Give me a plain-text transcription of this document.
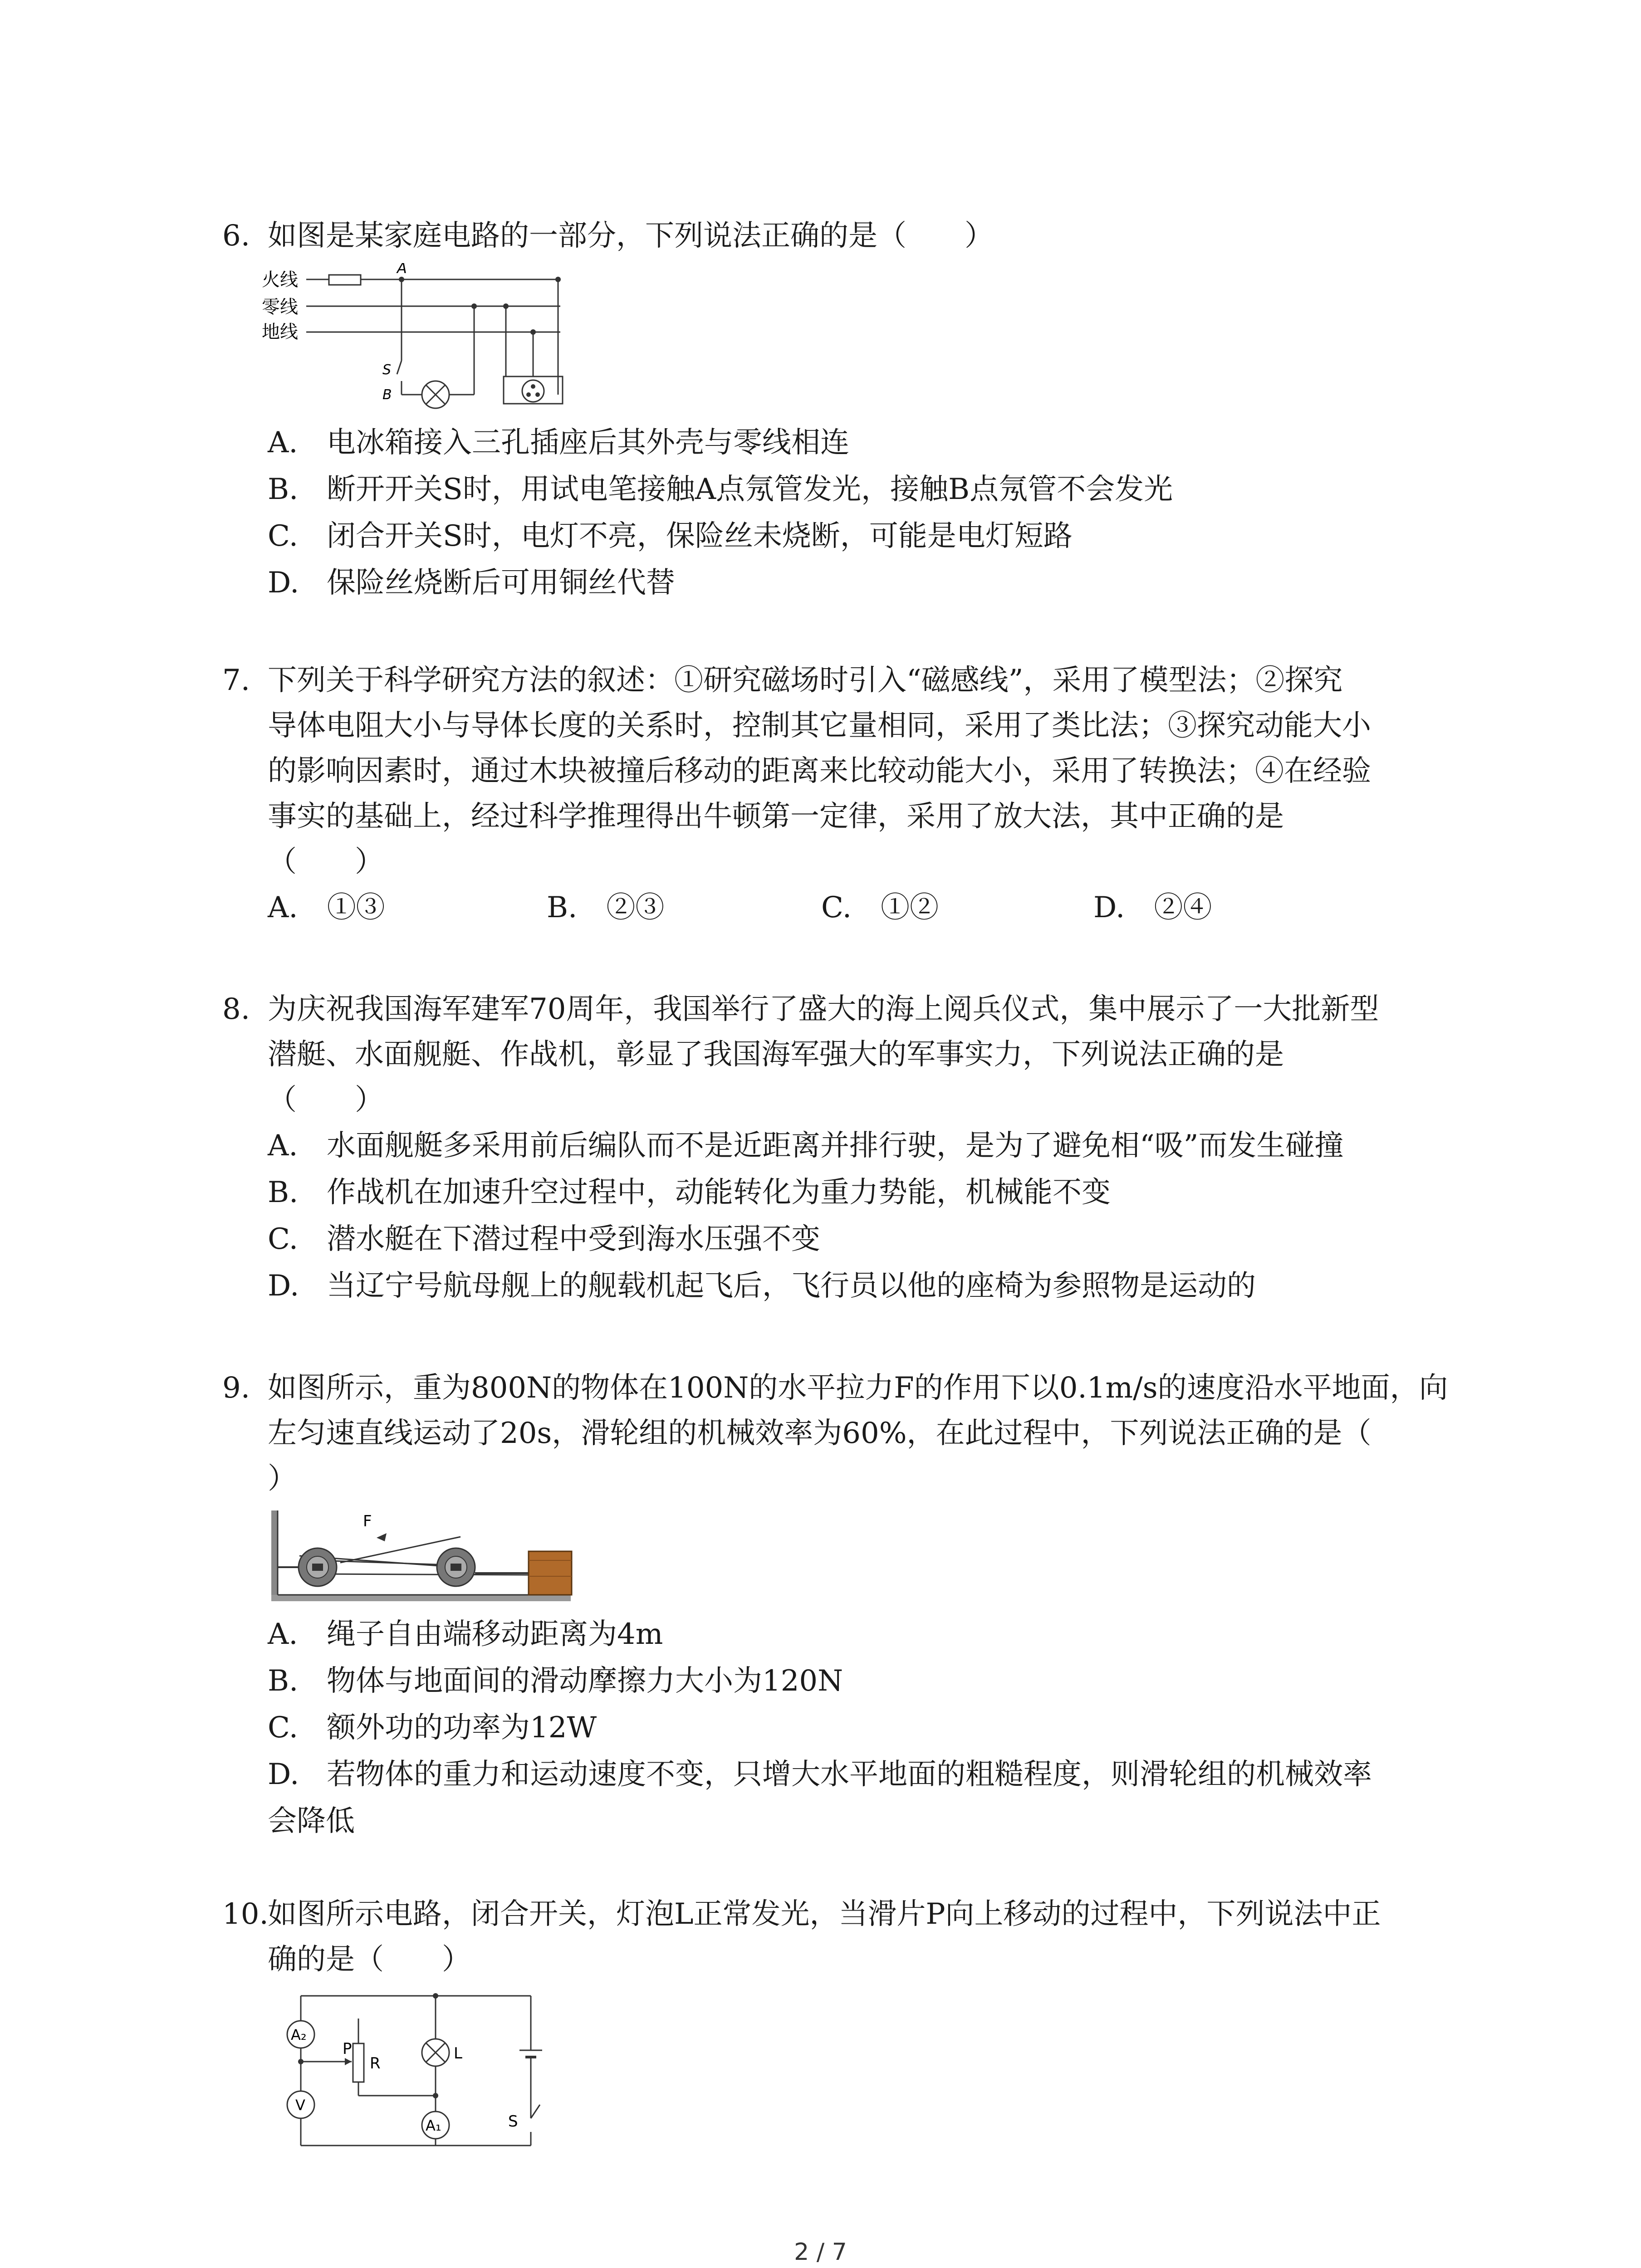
6. 如图是某家庭电路的一部分，下列说法正确的是（　　）
火线
零线
地线
A
S
B
A. 电冰箱接入三孔插座后其外壳与零线相连
B. 断开开关S时，用试电笔接触A点氖管发光，接触B点氖管不会发光
C. 闭合开关S时，电灯不亮，保险丝未烧断，可能是电灯短路
D. 保险丝烧断后可用铜丝代替
7. 下列关于科学研究方法的叙述：①研究磁场时引入“磁感线”，采用了模型法；②探究
导体电阻大小与导体长度的关系时，控制其它量相同，采用了类比法；③探究动能大小
的影响因素时，通过木块被撞后移动的距离来比较动能大小，采用了转换法；④在经验
事实的基础上，经过科学推理得出牛顿第一定律，采用了放大法，其中正确的是
（　　）
A.　 ①③	B.　 ②③	C.　 ①②	D.　 ②④
8. 为庆祝我国海军建军70周年，我国举行了盛大的海上阅兵仪式，集中展示了一大批新型
潜艇、水面舰艇、作战机，彰显了我国海军强大的军事实力，下列说法正确的是
（　　）
A. 水面舰艇多采用前后编队而不是近距离并排行驶，是为了避免相“吸”而发生碰撞
B. 作战机在加速升空过程中，动能转化为重力势能，机械能不变
C. 潜水艇在下潜过程中受到海水压强不变
D. 当辽宁号航母舰上的舰载机起飞后，飞行员以他的座椅为参照物是运动的
9. 如图所示，重为800N的物体在100N的水平拉力F的作用下以0.1m/s的速度沿水平地面，向
左匀速直线运动了20s，滑轮组的机械效率为60%，在此过程中，下列说法正确的是（
）
F
A. 绳子自由端移动距离为4m
B. 物体与地面间的滑动摩擦力大小为120N
C. 额外功的功率为12W
D. 若物体的重力和运动速度不变，只增大水平地面的粗糙程度，则滑轮组的机械效率
会降低
10.
如图所示电路，闭合开关，灯泡L正常发光，当滑片P向上移动的过程中，下列说法中正
确的是（　　）
S
A₂
V
P
R
L
A₁
2 / 7
